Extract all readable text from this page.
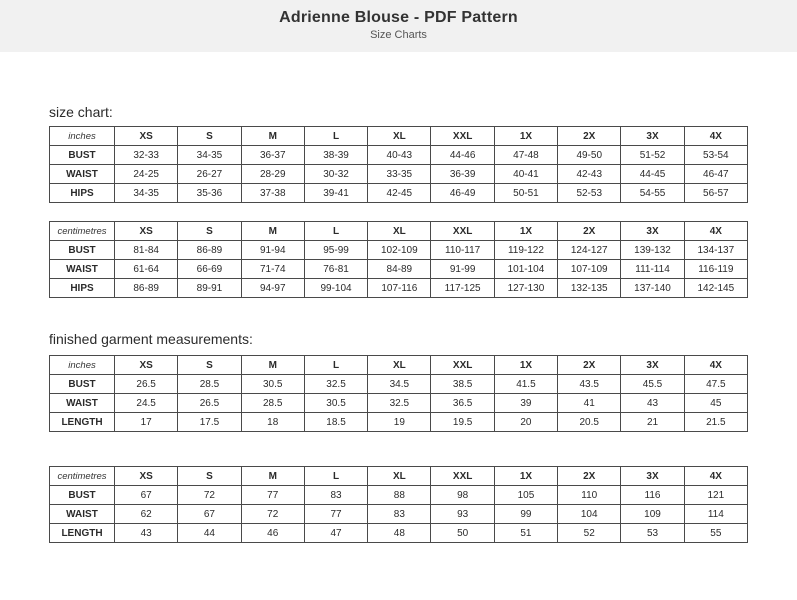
Adrienne Blouse - PDF Pattern
Size Charts
size chart:
inches	XS	S	M	L	XL	XXL	1X	2X	3X	4X
BUST	32-33	34-35	36-37	38-39	40-43	44-46	47-48	49-50	51-52	53-54
WAIST	24-25	26-27	28-29	30-32	33-35	36-39	40-41	42-43	44-45	46-47
HIPS	34-35	35-36	37-38	39-41	42-45	46-49	50-51	52-53	54-55	56-57
centimetres	XS	S	M	L	XL	XXL	1X	2X	3X	4X
BUST	81-84	86-89	91-94	95-99	102-109	110-117	119-122	124-127	139-132	134-137
WAIST	61-64	66-69	71-74	76-81	84-89	91-99	101-104	107-109	111-114	116-119
HIPS	86-89	89-91	94-97	99-104	107-116	117-125	127-130	132-135	137-140	142-145
finished garment measurements:
inches	XS	S	M	L	XL	XXL	1X	2X	3X	4X
BUST	26.5	28.5	30.5	32.5	34.5	38.5	41.5	43.5	45.5	47.5
WAIST	24.5	26.5	28.5	30.5	32.5	36.5	39	41	43	45
LENGTH	17	17.5	18	18.5	19	19.5	20	20.5	21	21.5
centimetres	XS	S	M	L	XL	XXL	1X	2X	3X	4X
BUST	67	72	77	83	88	98	105	110	116	121
WAIST	62	67	72	77	83	93	99	104	109	114
LENGTH	43	44	46	47	48	50	51	52	53	55
